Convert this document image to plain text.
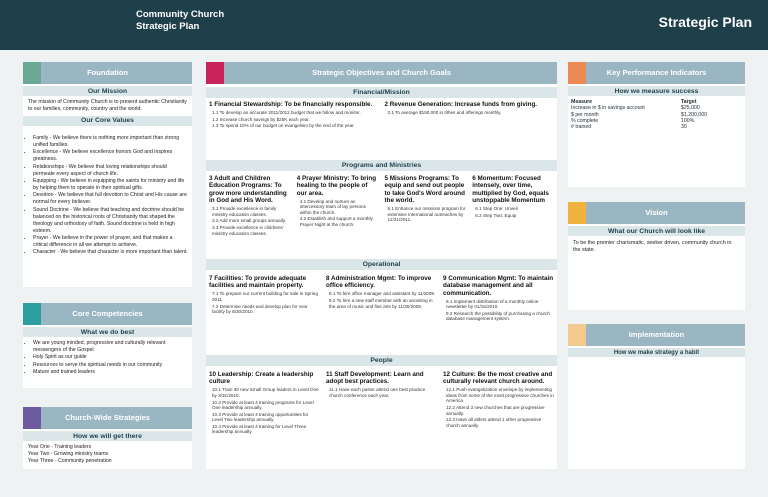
Community Church
Strategic Plan	Strategic Plan
Foundation
Our Mission
The mission of Community Church is to present authentic Christianity to our families, community, country and the world.
Our Core Values
• Family - We believe there is nothing more important than strong unified families.
• Excellence - We believe excellence honors God and inspires greatness.
• Relationships - We believe that loving relationships should permeate every aspect of church life.
• Equipping - We believe in equipping the saints for ministry and life by helping them to operate in their spiritual gifts.
• Devotion - We believe that full devotion to Christ and His cause are normal for every believer.
• Sound Doctrine - We believe that teaching and doctrine should be balanced on the historical roots of Christianity that shaped the theology and orthodoxy of faith. Sound doctrine is held in high esteem.
• Prayer - We believe in the power of prayer, and that makes a critical difference in all we attempt to achieve.
• Character - We believe that character is more important than talent.
Core Competencies
What we do best
• We are young minded, progressive and culturally relevant messengers of the Gospel
• Holy Spirit as our guide
• Resources to serve the spiritual needs in our community
• Mature and trained leaders
Church-Wide Strategies
How we will get there
Year One - Training leaders
Year Two - Growing ministry teams
Year Three - Community penetration
Strategic Objectives and Church Goals
Financial/Mission
1 Financial Stewardship: To be financially responsible.
1.1 To develop an accurate 2011/2012 budget that we follow and monitor.
1.2 Increase church savings by $25K each year.
1.3 To spend 10% of our budget on evangelism by the end of the year.
2 Revenue Generation: Increase funds from giving.
2.1 To average $150,000 in tithes and offerings monthly.
Programs and Ministries
3 Adult and Children Education Programs: To grow more understanding in God and His Word.
3.1 Provide excellence in family ministry education classes.
3.2 Add more small groups annually.
3.3 Provide excellence in childrens' ministry education classes.
4 Prayer Ministry: To bring healing to the people of our area.
4.1 Develop and nurture an intercessory team of lay persons within the church.
4.2 Establish and support a monthly Prayer Night at the church.
5 Missions Programs: To equip and send out people to take God's Word around the world.
5.1 Enhance our missions program for extensive international outreaches by 12/31/2011.
6 Momentum: Focused intensely, over time, multiplied by God, equals unstoppable Momentum
6.1 Step One: Unveil
6.2 Step Two: Equip
Operational
7 Facilities: To provide adequate facilities and maintain property.
7.1 To prepare our current building for sale in Spring 2011.
7.2 Determine needs and develop plan for new facility by 8/30/2010.
8 Administration Mgmt: To improve office efficiency.
8.1 To hire office manager and assistant by 11/2009.
8.2 To hire a new staff member with an anointing in the area of music and fine arts by 11/30/2009.
9 Communication Mgmt: To maintain database management and all communication.
9.1 Implement distribution of a monthly online newsletter by 01/15/2010.
9.2 Research the possibility of purchasing a church database management system.
People
10 Leadership: Create a leadership culture
10.1 Train 30 new Small Group leaders in Level One by 3/31/2010.
10.2 Provide at least 4 training programs for Level One leadership annually.
10.3 Provide at least 4 training opportunities for Level Two leadership annually.
10.4 Provide at least 4 training for Level Three leadership annually.
11 Staff Development: Learn and adopt best practices.
11.1 Have each pastor attend one best practice church conference each year.
12 Culture: Be the most creative and culturally relevant church around.
12.1 Push evangelization envelope by implementing ideas from some of the most progressive churches in America.
12.2 Attend 3 new churches that are progressive annually.
12.3 Have all elders attend 1 other progressive church annually.
Key Performance Indicators
How we measure success
Measure	Target
Increase in $ in savings account	$25,000
$ per month	$1,200,000
% complete	100%
# trained	30
Vision
What our Church will look like
To be the premier charismatic, seeker driven, community church in the state.
Implementation
How we make strategy a habit
